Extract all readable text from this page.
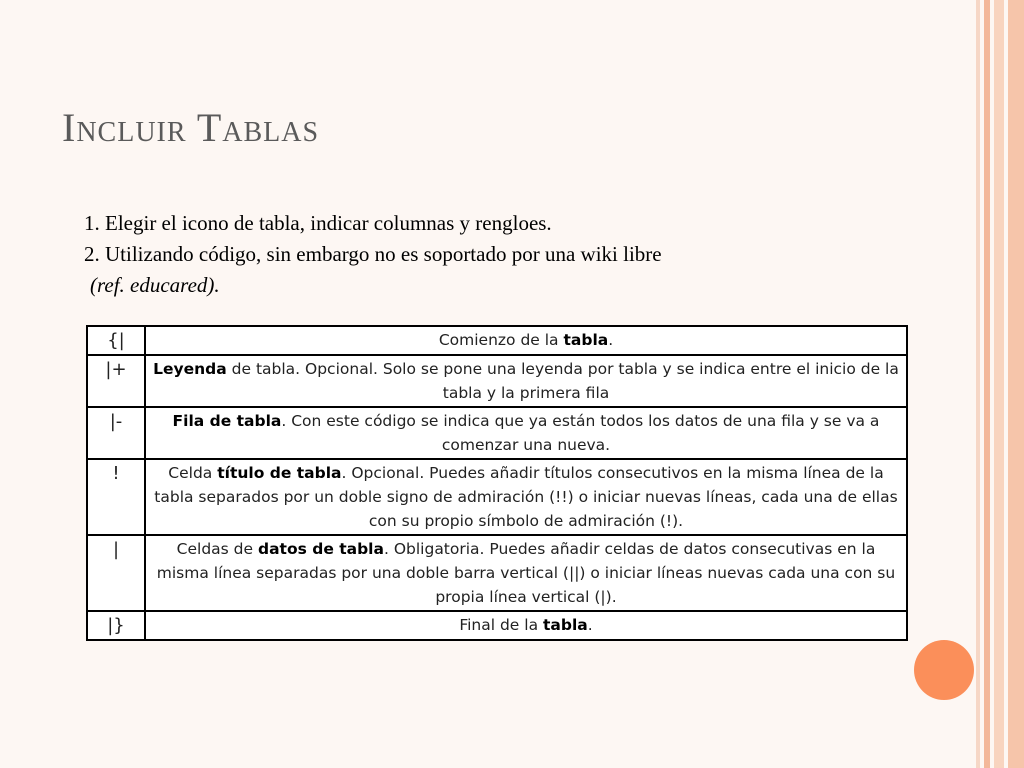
Incluir Tablas
1. Elegir el icono de tabla, indicar columnas y rengloes.
2. Utilizando código, sin embargo no es soportado por una wiki libre
(ref. educared).
{|	Comienzo de la tabla.
|+	Leyenda de tabla. Opcional. Solo se pone una leyenda por tabla y se indica entre el inicio de la tabla y la primera fila
|-	Fila de tabla. Con este código se indica que ya están todos los datos de una fila y se va a comenzar una nueva.
!	Celda título de tabla. Opcional. Puedes añadir títulos consecutivos en la misma línea de la tabla separados por un doble signo de admiración (!!) o iniciar nuevas líneas, cada una de ellas con su propio símbolo de admiración (!).
|	Celdas de datos de tabla. Obligatoria. Puedes añadir celdas de datos consecutivas en la misma línea separadas por una doble barra vertical (||) o iniciar líneas nuevas cada una con su propia línea vertical (|).
|}	Final de la tabla.
